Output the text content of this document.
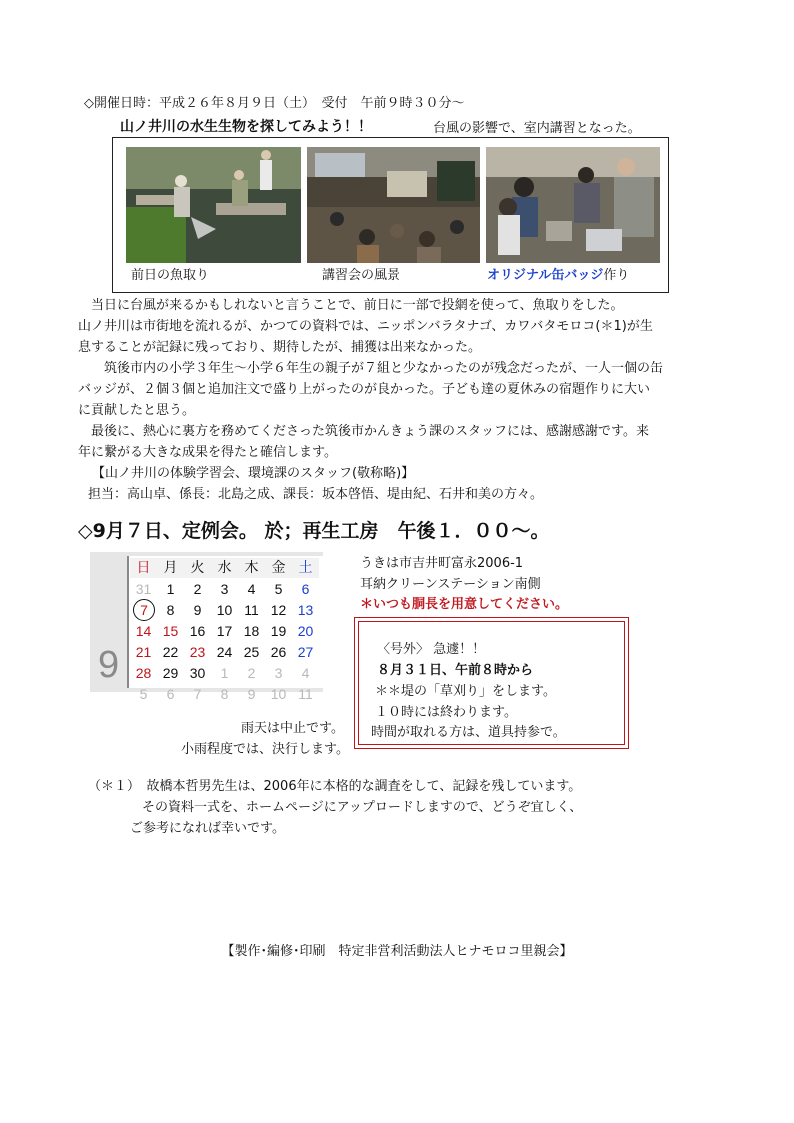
◇開催日時：平成２６年８月９日（土）　受付　午前９時３０分～
山ノ井川の水生生物を探してみよう！！	台風の影響で、室内講習となった。
前日の魚取り	講習会の風景	オリジナル缶バッジ作り
　当日に台風が来るかもしれないと言うことで、前日に一部で投網を使って、魚取りをした。
山ノ井川は市街地を流れるが、かつての資料では、ニッポンバラタナゴ、カワバタモロコ(＊1)が生
息することが記録に残っており、期待したが、捕獲は出来なかった。
　　筑後市内の小学３年生～小学６年生の親子が７組と少なかったのが残念だったが、一人一個の缶
バッジが、２個３個と追加注文で盛り上がったのが良かった。子ども達の夏休みの宿題作りに大い
に貢献したと思う。
　最後に、熱心に裏方を務めてくださった筑後市かんきょう課のスタッフには、感謝感謝です。来
年に繋がる大きな成果を得たと確信します。
【山ノ井川の体験学習会、環境課のスタッフ(敬称略)】
担当：高山卓、係長：北島之成、課長：坂本啓悟、堤由紀、石井和美の方々。
◇9月７日、定例会。 於；再生工房　午後１．００～。
9
日 月 火 水 木 金 土
31	1	2	3	4	5	6
7	8	9	10 11 12 13
14 15 16 17 18 19 20
21 22 23 24 25 26 27
28 29 30	1	2	3	4
5	6	7	8	9	10 11
うきは市吉井町富永2006-1
耳納クリーンステーション南側
＊いつも胴長を用意してください。
〈号外〉 急遽！！
８月３１日、午前８時から
＊＊堤の「草刈り」をします。
１０時には終わります。
時間が取れる方は、道具持参で。
雨天は中止です。
小雨程度では、決行します。
（＊１）　故橋本哲男先生は、2006年に本格的な調査をして、記録を残しています。
その資料一式を、ホームページにアップロードしますので、どうぞ宜しく、
ご参考になれば幸いです。
【製作･編修･印刷　特定非営利活動法人ヒナモロコ里親会】
